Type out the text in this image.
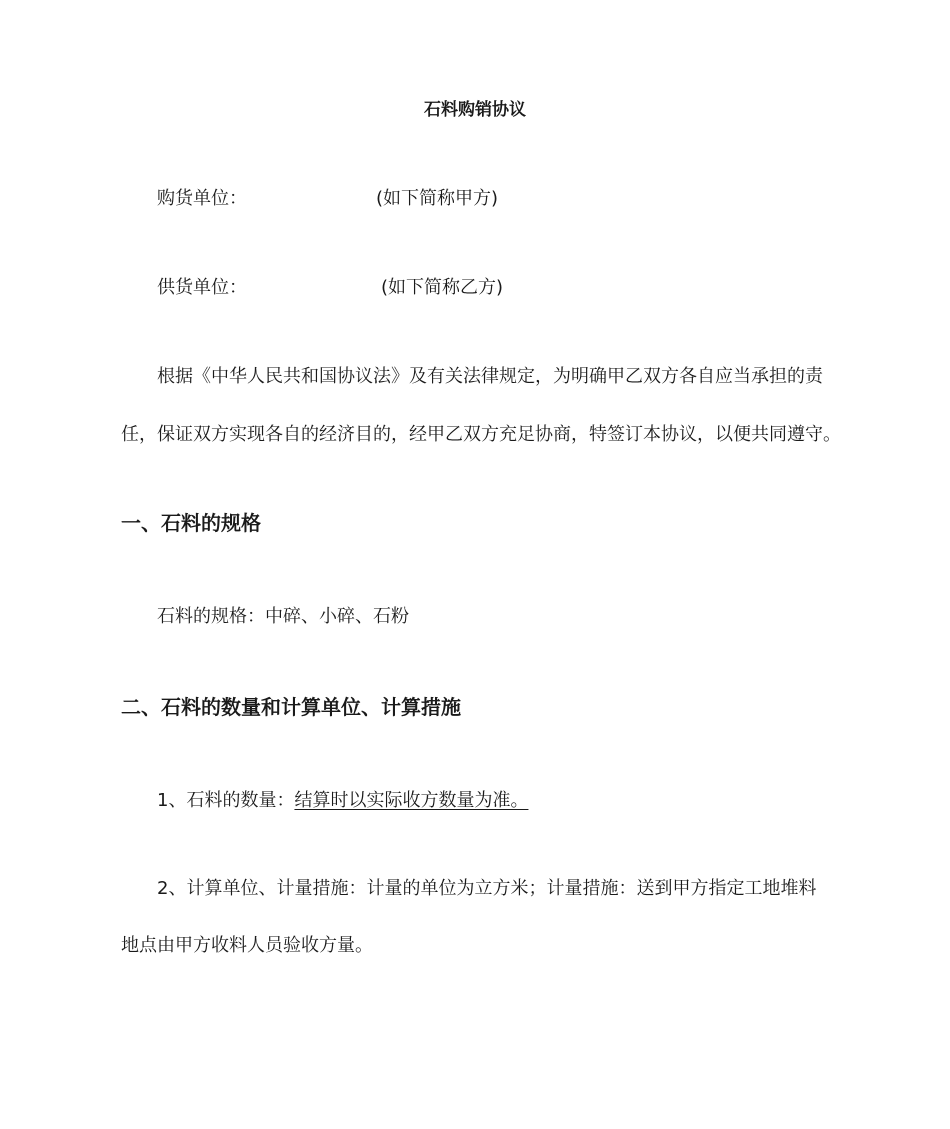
石料购销协议
购货单位：	(如下简称甲方)
供货单位：	(如下简称乙方)
根据《中华人民共和国协议法》及有关法律规定，为明确甲乙双方各自应当承担的责
任，保证双方实现各自的经济目的，经甲乙双方充足协商，特签订本协议，以便共同遵守。
一、石料的规格
石料的规格：中碎、小碎、石粉
二、石料的数量和计算单位、计算措施
1、石料的数量：结算时以实际收方数量为准。
2、计算单位、计量措施：计量的单位为立方米；计量措施：送到甲方指定工地堆料
地点由甲方收料人员验收方量。
